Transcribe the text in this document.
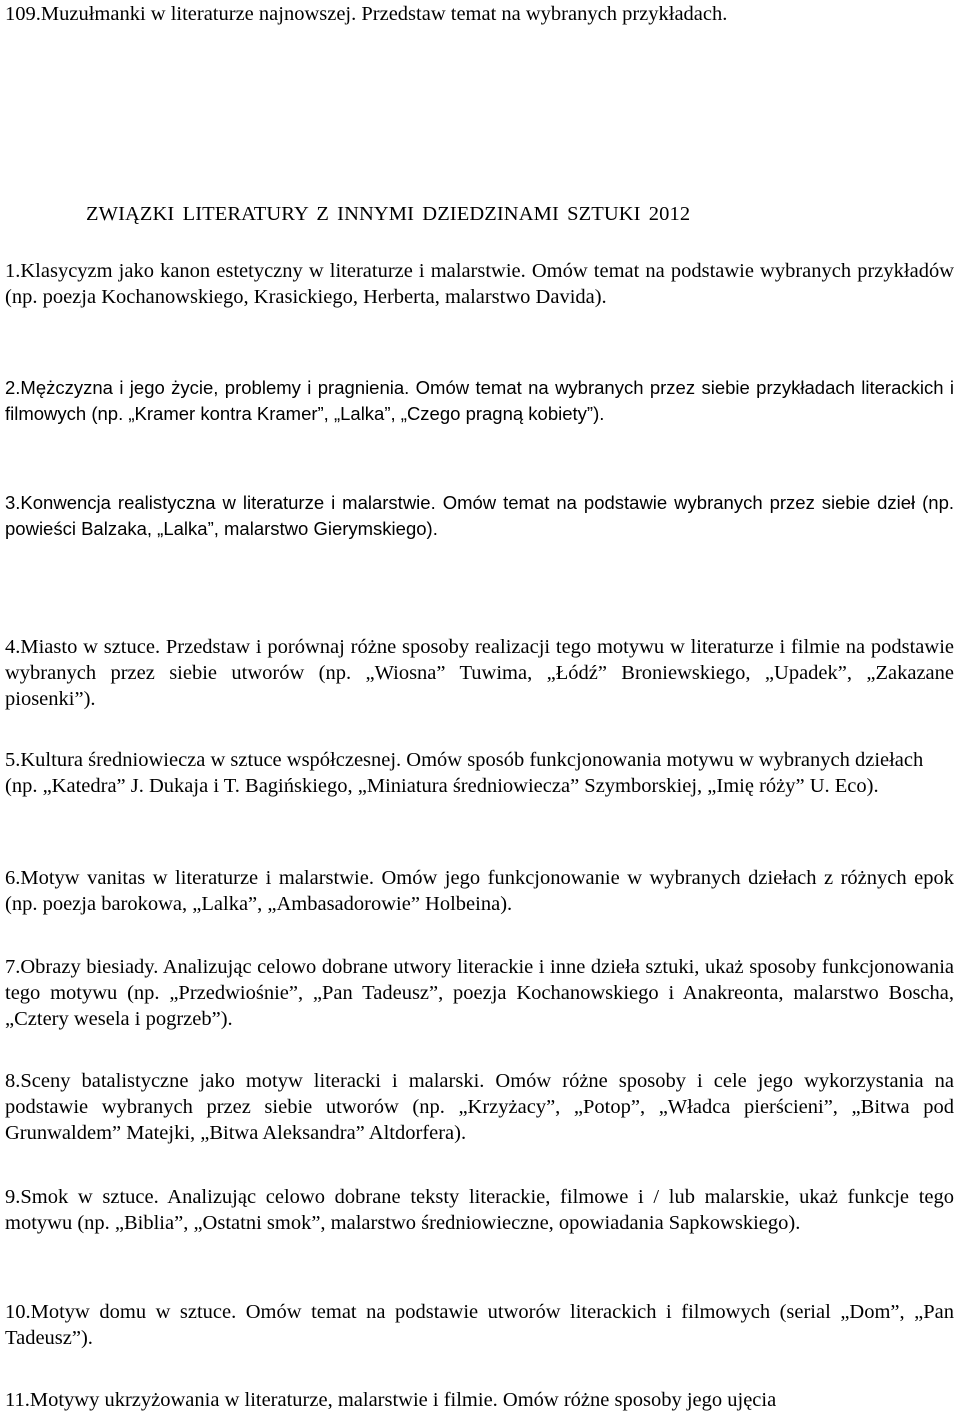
109.Muzułmanki w literaturze najnowszej. Przedstaw temat na wybranych przykładach.

ZWIĄZKI LITERATURY Z INNYMI DZIEDZINAMI SZTUKI 2012

1.Klasycyzm jako kanon estetyczny w literaturze i malarstwie. Omów temat na podstawie wybranych przykładów (np. poezja Kochanowskiego, Krasickiego, Herberta, malarstwo Davida).

2.Mężczyzna i jego życie, problemy i pragnienia. Omów temat na wybranych przez siebie przykładach literackich i filmowych (np. „Kramer kontra Kramer”, „Lalka”, „Czego pragną kobiety”).

3.Konwencja realistyczna w literaturze i malarstwie. Omów temat na podstawie wybranych przez siebie dzieł (np. powieści Balzaka, „Lalka”, malarstwo Gierymskiego).

4.Miasto w sztuce. Przedstaw i porównaj różne sposoby realizacji tego motywu w literaturze i filmie na podstawie wybranych przez siebie utworów (np. „Wiosna” Tuwima, „Łódź” Broniewskiego, „Upadek”, „Zakazane piosenki”).

5.Kultura średniowiecza w sztuce współczesnej. Omów sposób funkcjonowania motywu w wybranych dziełach (np. „Katedra” J. Dukaja i T. Bagińskiego, „Miniatura średniowiecza” Szymborskiej, „Imię róży” U. Eco).

6.Motyw vanitas w literaturze i malarstwie. Omów jego funkcjonowanie w wybranych dziełach z różnych epok (np. poezja barokowa, „Lalka”, „Ambasadorowie” Holbeina).

7.Obrazy biesiady. Analizując celowo dobrane utwory literackie i inne dzieła sztuki, ukaż sposoby funkcjonowania tego motywu (np. „Przedwiośnie”, „Pan Tadeusz”, poezja Kochanowskiego i Anakreonta, malarstwo Boscha, „Cztery wesela i pogrzeb”).

8.Sceny batalistyczne jako motyw literacki i malarski. Omów różne sposoby i cele jego wykorzystania na podstawie wybranych przez siebie utworów (np. „Krzyżacy”, „Potop”, „Władca pierścieni”, „Bitwa pod Grunwaldem” Matejki, „Bitwa Aleksandra” Altdorfera).

9.Smok w sztuce. Analizując celowo dobrane teksty literackie, filmowe i / lub malarskie, ukaż funkcje tego motywu (np. „Biblia”, „Ostatni smok”, malarstwo średniowieczne, opowiadania Sapkowskiego).

10.Motyw domu w sztuce. Omów temat na podstawie utworów literackich i filmowych (serial „Dom”, „Pan Tadeusz”).

11.Motywy ukrzyżowania w literaturze, malarstwie i filmie. Omów różne sposoby jego ujęcia
